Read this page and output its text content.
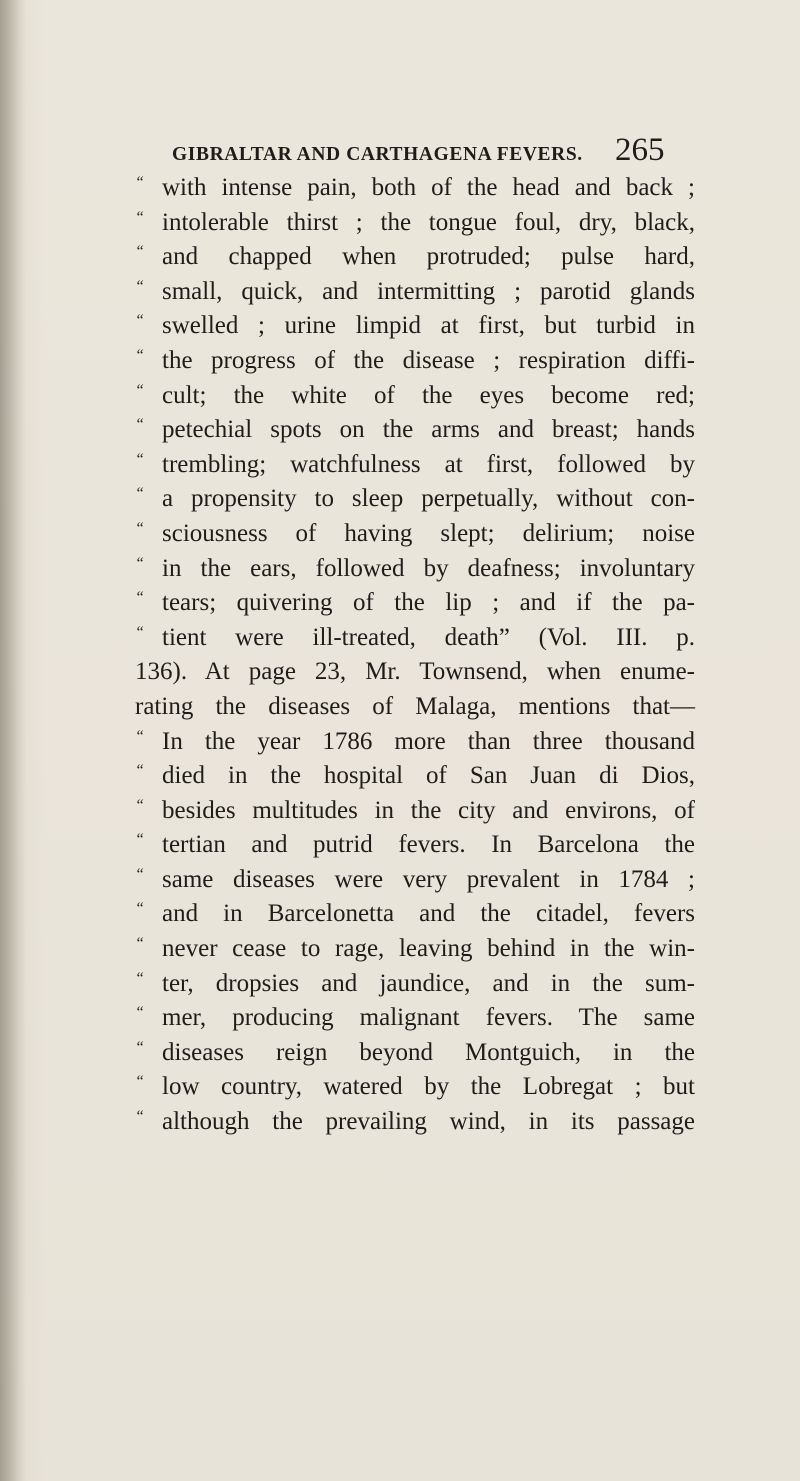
GIBRALTAR AND CARTHAGENA FEVERS. 265
“ with intense pain, both of the head and back ;
“ intolerable thirst ; the tongue foul, dry, black,
“ and chapped when protruded; pulse hard,
“ small, quick, and intermitting ; parotid glands
“ swelled ; urine limpid at first, but turbid in
“ the progress of the disease ; respiration diffi-
“ cult; the white of the eyes become red;
“ petechial spots on the arms and breast; hands
“ trembling; watchfulness at first, followed by
“ a propensity to sleep perpetually, without con-
“ sciousness of having slept; delirium; noise
“ in the ears, followed by deafness; involuntary
“ tears; quivering of the lip ; and if the pa-
“ tient were ill-treated, death” (Vol. III. p.
136). At page 23, Mr. Townsend, when enume-
rating the diseases of Malaga, mentions that—
“ In the year 1786 more than three thousand
“ died in the hospital of San Juan di Dios,
“ besides multitudes in the city and environs, of
“ tertian and putrid fevers. In Barcelona the
“ same diseases were very prevalent in 1784 ;
“ and in Barcelonetta and the citadel, fevers
“ never cease to rage, leaving behind in the win-
“ ter, dropsies and jaundice, and in the sum-
“ mer, producing malignant fevers. The same
“ diseases reign beyond Montguich, in the
“ low country, watered by the Lobregat ; but
“ although the prevailing wind, in its passage
